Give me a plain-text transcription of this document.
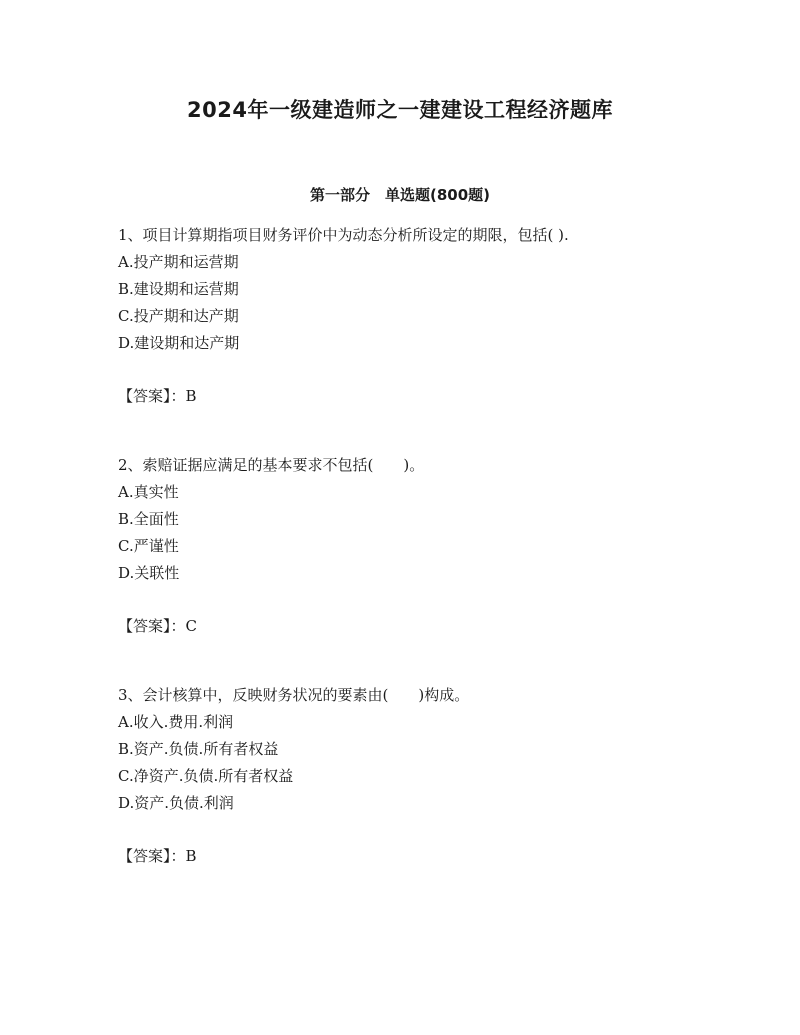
2024年一级建造师之一建建设工程经济题库
第一部分　单选题(800题)

1、项目计算期指项目财务评价中为动态分析所设定的期限，包括( ).

A.投产期和运营期
B.建设期和运营期
C.投产期和达产期
D.建设期和达产期
【答案】：B

2、索赔证据应满足的基本要求不包括(　　)。

A.真实性
B.全面性
C.严谨性
D.关联性
【答案】：C

3、会计核算中，反映财务状况的要素由(　　)构成。

A.收入.费用.利润
B.资产.负债.所有者权益
C.净资产.负债.所有者权益
D.资产.负债.利润
【答案】：B
